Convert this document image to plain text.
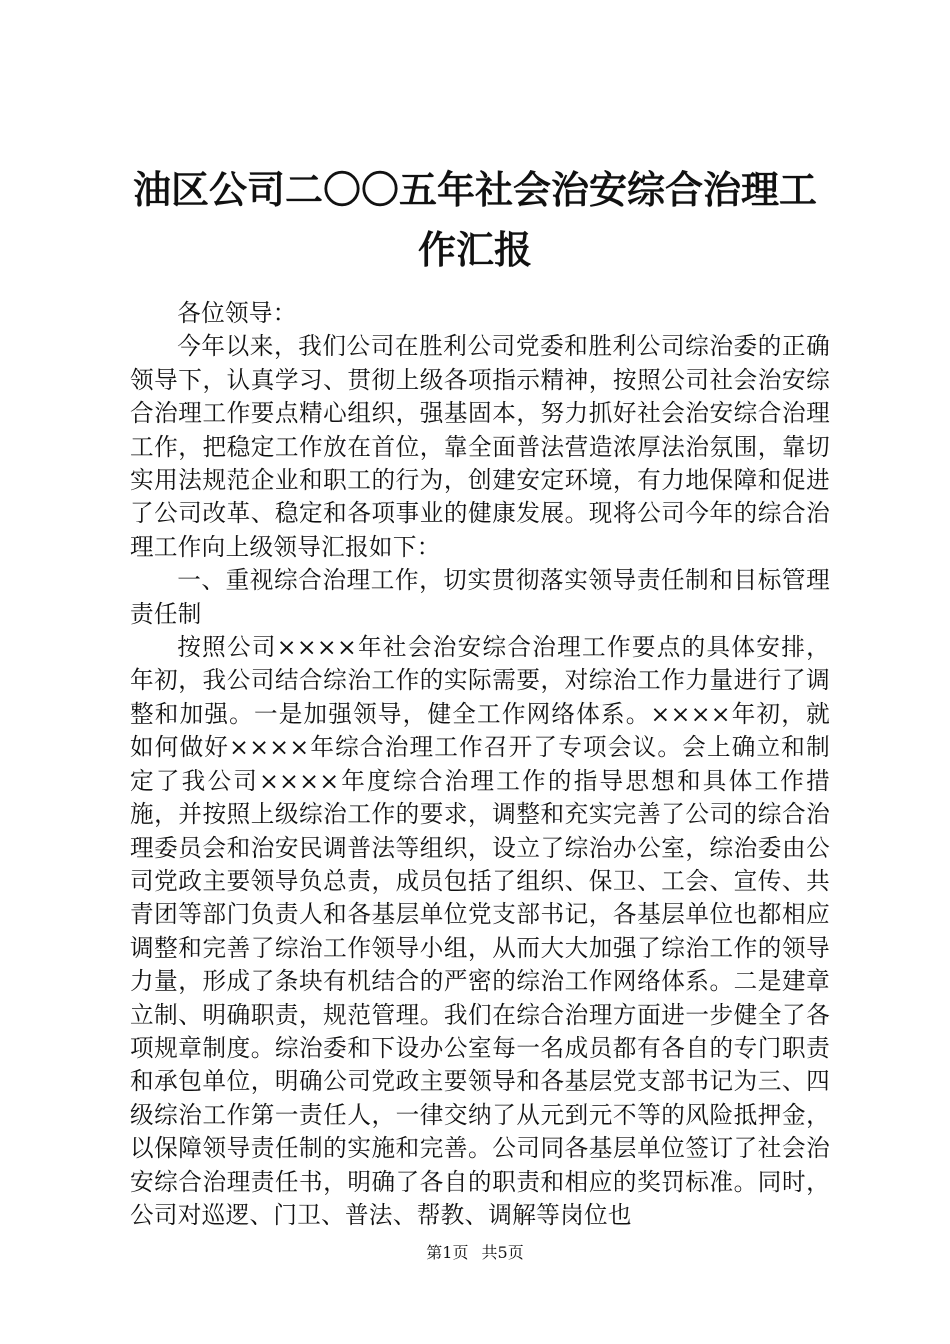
油区公司二〇〇五年社会治安综合治理工作汇报

各位领导：

今年以来，我们公司在胜利公司党委和胜利公司综治委的正确领导下，认真学习、贯彻上级各项指示精神，按照公司社会治安综合治理工作要点精心组织，强基固本，努力抓好社会治安综合治理工作，把稳定工作放在首位，靠全面普法营造浓厚法治氛围，靠切实用法规范企业和职工的行为，创建安定环境，有力地保障和促进了公司改革、稳定和各项事业的健康发展。现将公司今年的综合治理工作向上级领导汇报如下：

一、重视综合治理工作，切实贯彻落实领导责任制和目标管理责任制

按照公司××××年社会治安综合治理工作要点的具体安排，年初，我公司结合综治工作的实际需要，对综治工作力量进行了调整和加强。一是加强领导，健全工作网络体系。××××年初，就如何做好××××年综合治理工作召开了专项会议。会上确立和制定了我公司××××年度综合治理工作的指导思想和具体工作措施，并按照上级综治工作的要求，调整和充实完善了公司的综合治理委员会和治安民调普法等组织，设立了综治办公室，综治委由公司党政主要领导负总责，成员包括了组织、保卫、工会、宣传、共青团等部门负责人和各基层单位党支部书记，各基层单位也都相应调整和完善了综治工作领导小组，从而大大加强了综治工作的领导力量，形成了条块有机结合的严密的综治工作网络体系。二是建章立制、明确职责，规范管理。我们在综合治理方面进一步健全了各项规章制度。综治委和下设办公室每一名成员都有各自的专门职责和承包单位，明确公司党政主要领导和各基层党支部书记为三、四级综治工作第一责任人，一律交纳了从元到元不等的风险抵押金，以保障领导责任制的实施和完善。公司同各基层单位签订了社会治安综合治理责任书，明确了各自的职责和相应的奖罚标准。同时，公司对巡逻、门卫、普法、帮教、调解等岗位也

第1页 共5页
